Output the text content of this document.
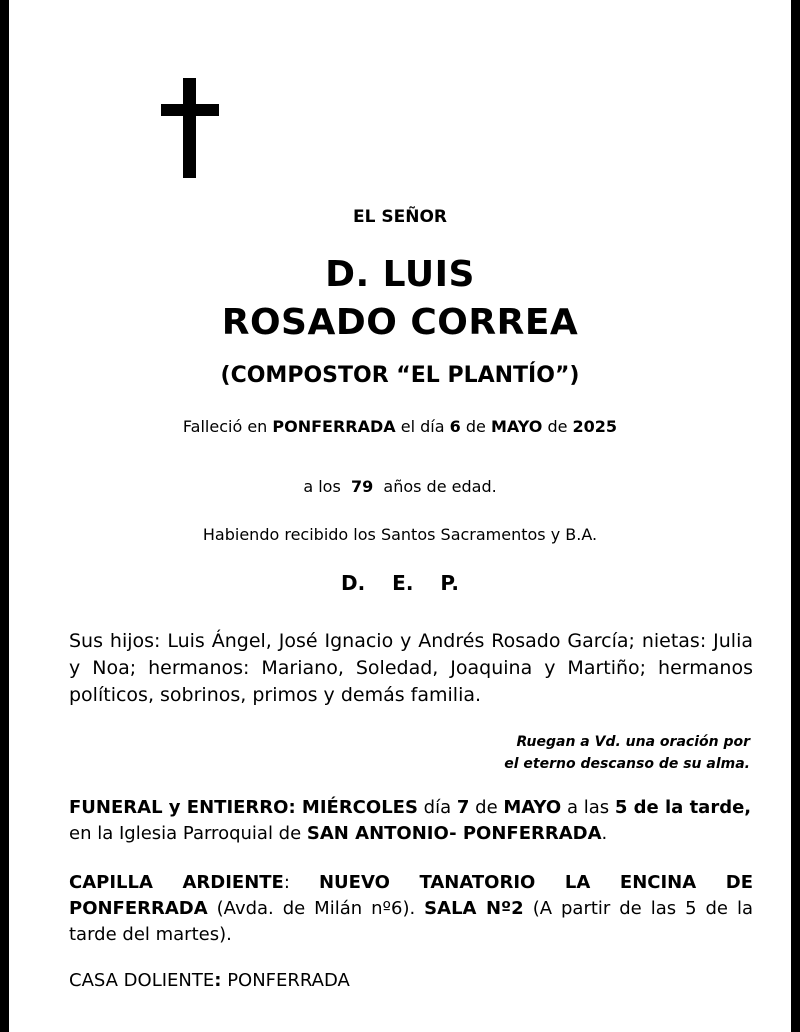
EL SEÑOR
D. LUIS
ROSADO CORREA
(COMPOSTOR “EL PLANTÍO”)
Falleció en PONFERRADA el día 6 de MAYO de 2025
a los 79 años de edad.
Habiendo recibido los Santos Sacramentos y B.A.
D. E. P.
Sus hijos: Luis Ángel, José Ignacio y Andrés Rosado García; nietas: Julia y Noa; hermanos: Mariano, Soledad, Joaquina y Martiño; hermanos políticos, sobrinos, primos y demás familia.
Ruegan a Vd. una oración por
el eterno descanso de su alma.
FUNERAL y ENTIERRO: MIÉRCOLES día 7 de MAYO a las 5 de la tarde,
en la Iglesia Parroquial de SAN ANTONIO- PONFERRADA.
CAPILLA ARDIENTE: NUEVO TANATORIO LA ENCINA DE PONFERRADA (Avda. de Milán nº6). SALA Nº2 (A partir de las 5 de la tarde del martes).
CASA DOLIENTE: PONFERRADA
